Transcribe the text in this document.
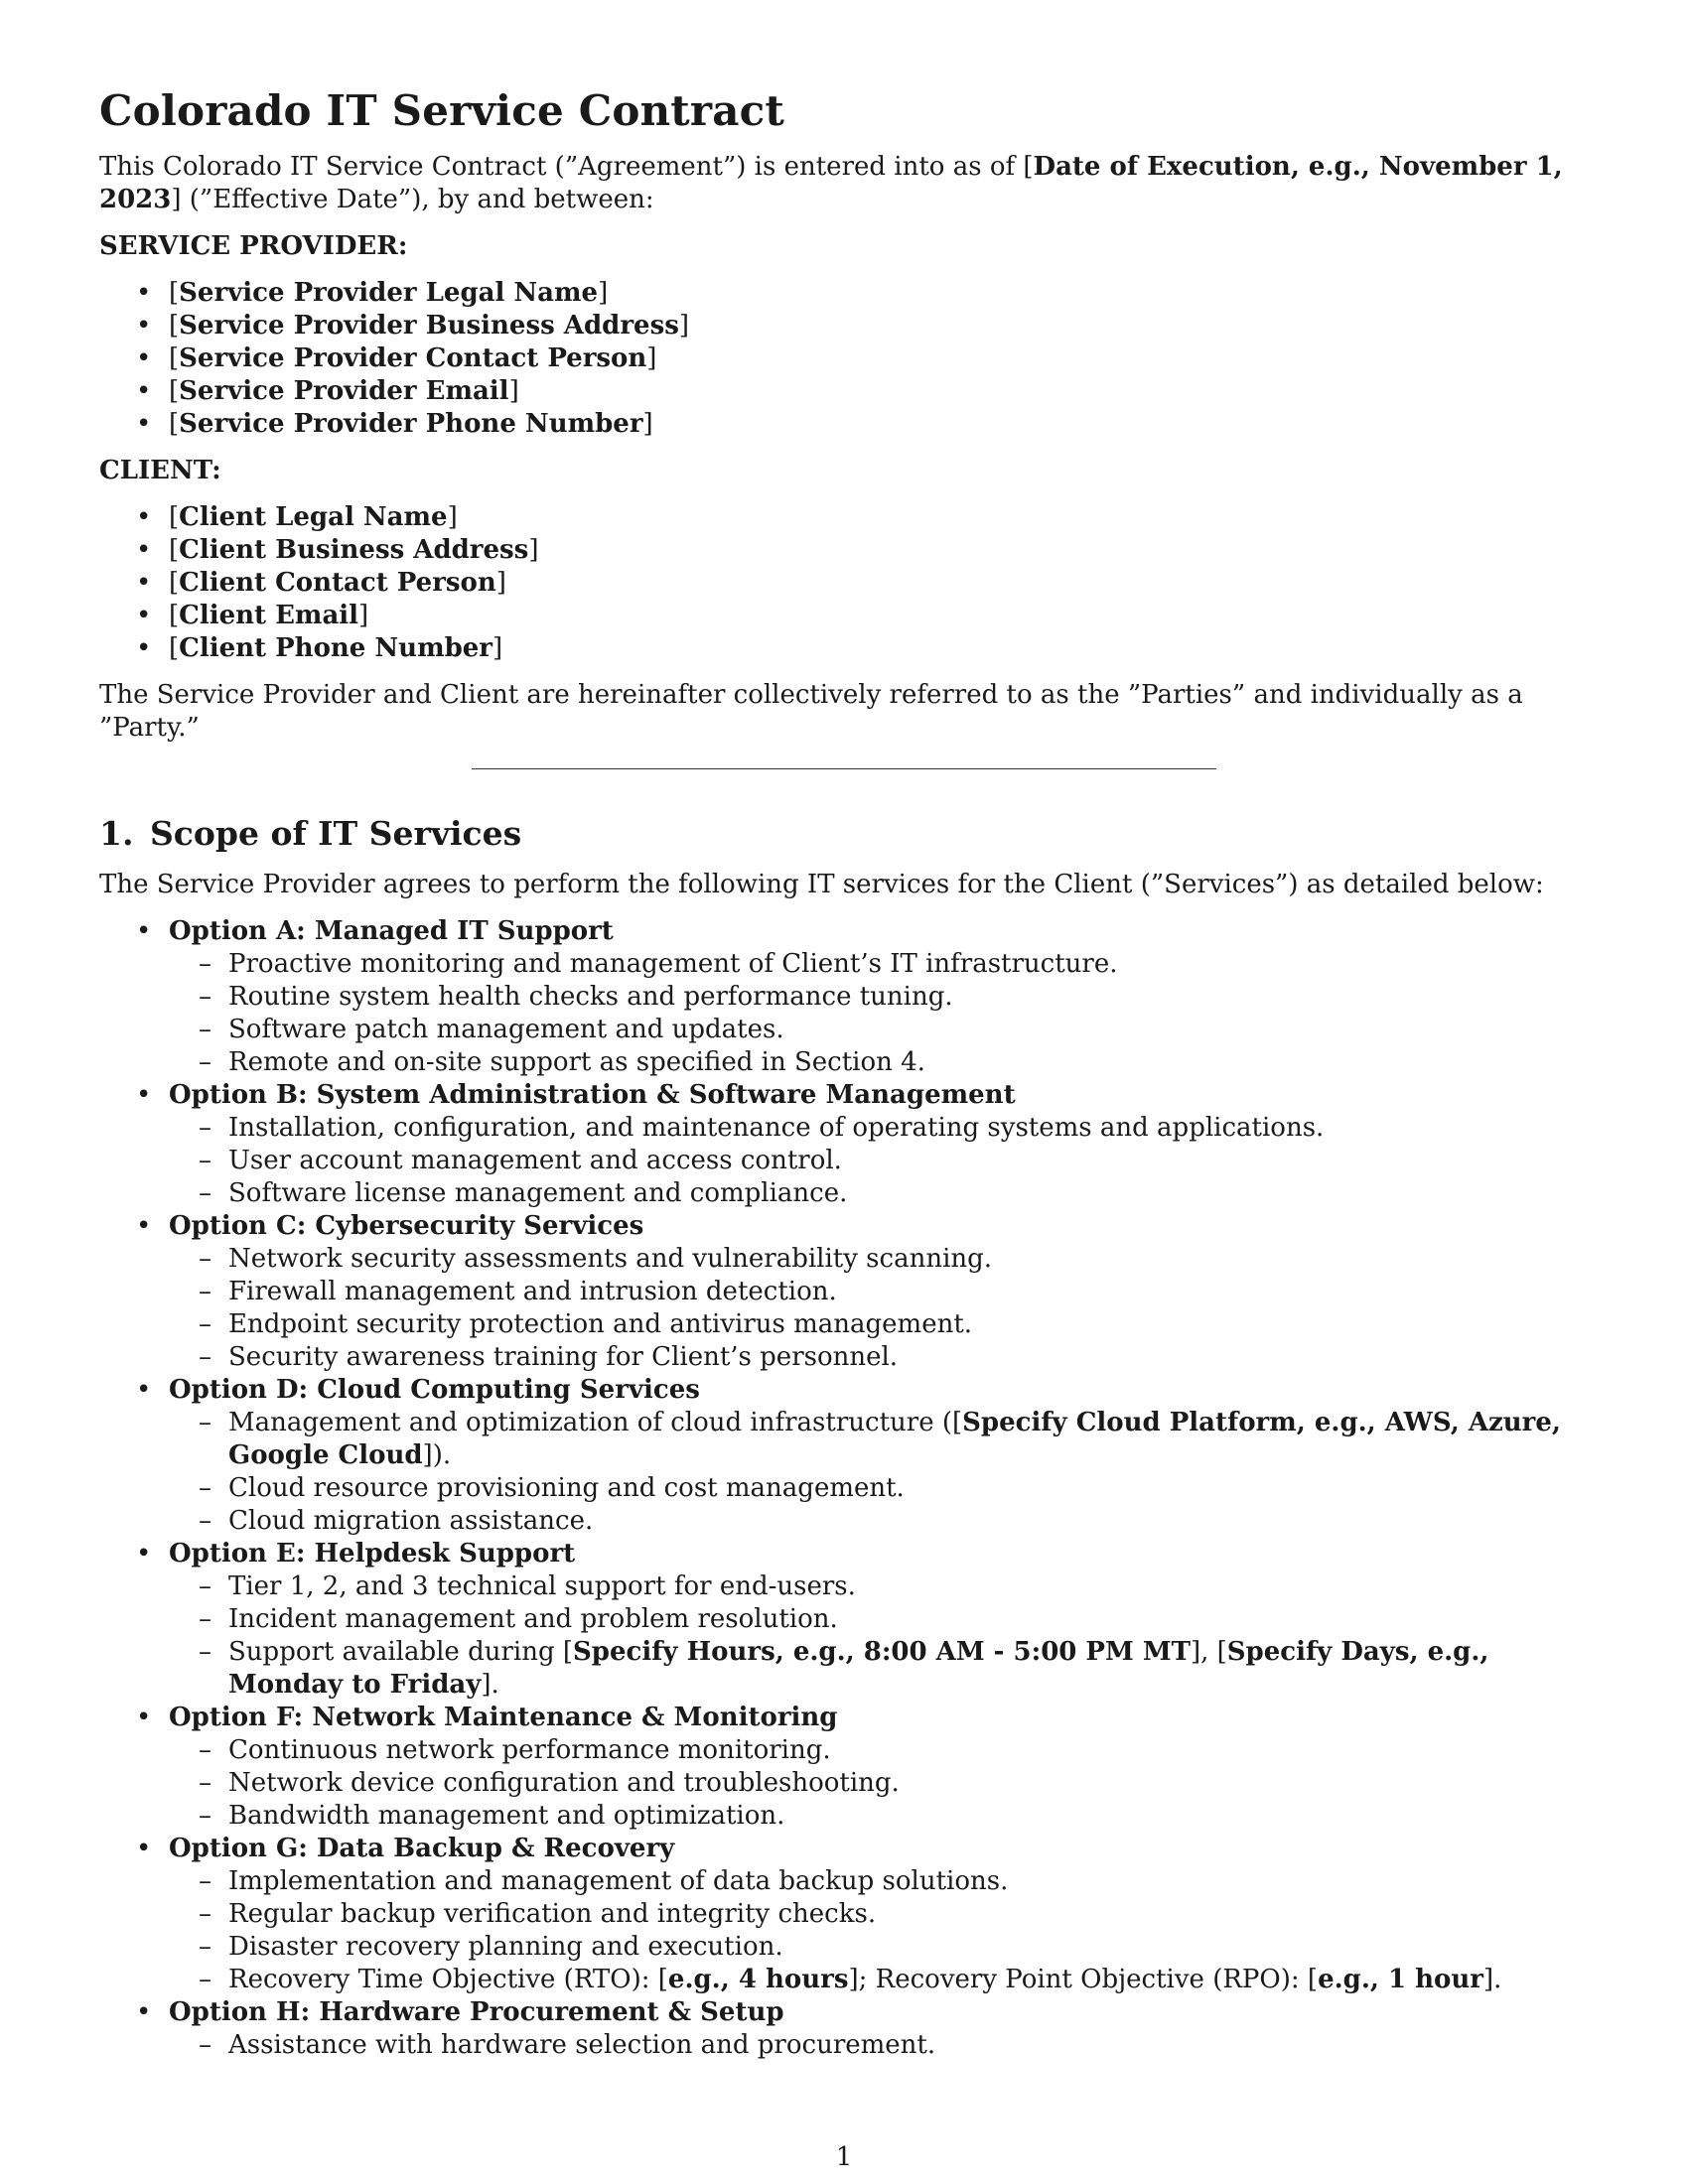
Colorado IT Service Contract

This Colorado IT Service Contract (”Agreement”) is entered into as of [Date of Execution, e.g., November 1, 2023] (”Effective Date”), by and between:

SERVICE PROVIDER:
• [Service Provider Legal Name]
• [Service Provider Business Address]
• [Service Provider Contact Person]
• [Service Provider Email]
• [Service Provider Phone Number]
CLIENT:
• [Client Legal Name]
• [Client Business Address]
• [Client Contact Person]
• [Client Email]
• [Client Phone Number]

The Service Provider and Client are hereinafter collectively referred to as the ”Parties” and individually as a ”Party.”

1. Scope of IT Services

The Service Provider agrees to perform the following IT services for the Client (”Services”) as detailed below:

• Option A: Managed IT Support
– Proactive monitoring and management of Client’s IT infrastructure.
– Routine system health checks and performance tuning.
– Software patch management and updates.
– Remote and on-site support as specified in Section 4.
• Option B: System Administration & Software Management
– Installation, configuration, and maintenance of operating systems and applications.
– User account management and access control.
– Software license management and compliance.
• Option C: Cybersecurity Services
– Network security assessments and vulnerability scanning.
– Firewall management and intrusion detection.
– Endpoint security protection and antivirus management.
– Security awareness training for Client’s personnel.
• Option D: Cloud Computing Services
– Management and optimization of cloud infrastructure ([Specify Cloud Platform, e.g., AWS, Azure, Google Cloud]).
– Cloud resource provisioning and cost management.
– Cloud migration assistance.
• Option E: Helpdesk Support
– Tier 1, 2, and 3 technical support for end-users.
– Incident management and problem resolution.
– Support available during [Specify Hours, e.g., 8:00 AM - 5:00 PM MT], [Specify Days, e.g., Monday to Friday].
• Option F: Network Maintenance & Monitoring
– Continuous network performance monitoring.
– Network device configuration and troubleshooting.
– Bandwidth management and optimization.
• Option G: Data Backup & Recovery
– Implementation and management of data backup solutions.
– Regular backup verification and integrity checks.
– Disaster recovery planning and execution.
– Recovery Time Objective (RTO): [e.g., 4 hours]; Recovery Point Objective (RPO): [e.g., 1 hour].
• Option H: Hardware Procurement & Setup
– Assistance with hardware selection and procurement.
1
